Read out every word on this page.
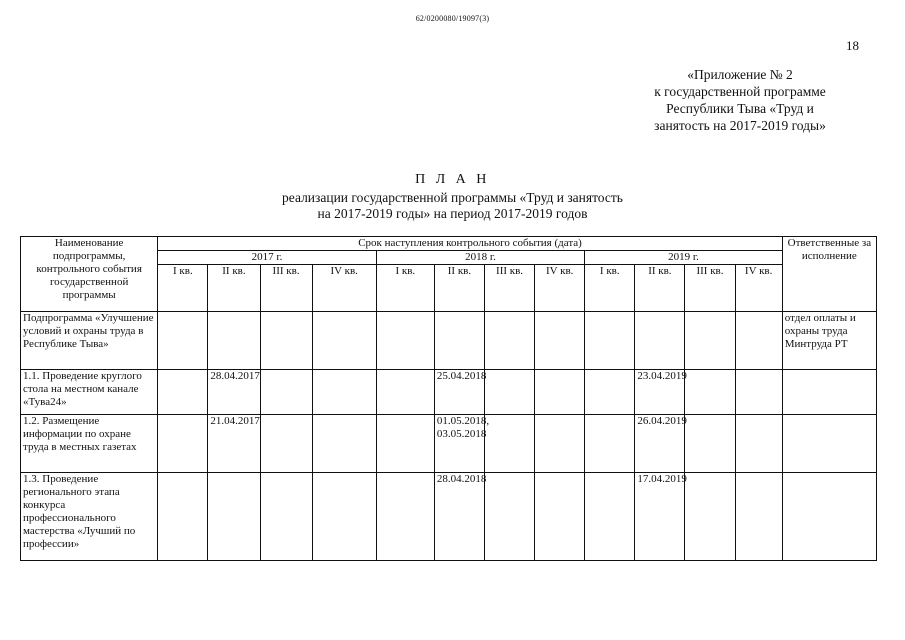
62/0200080/19097(3)
18
«Приложение № 2
к государственной программе
Республики Тыва «Труд и
занятость на 2017-2019 годы»
П Л А Н
реализации государственной программы «Труд и занятость
на 2017-2019 годы» на период 2017-2019 годов
Наименование подпрограммы, контрольного события государственной программы	Срок наступления контрольного события (дата)												Ответственные за исполнение
	2017 г.				2018 г.				2019 г.				
	I кв.	II кв.	III кв.	IV кв.	I кв.	II кв.	III кв.	IV кв.	I кв.	II кв.	III кв.	IV кв.	
Подпрограмма «Улучшение условий и охраны труда в Республике Тыва»													отдел оплаты и охраны труда Минтруда РТ
1.1. Проведение круглого стола на местном канале «Тува24»		28.04.2017				25.04.2018				23.04.2019			
1.2. Размещение информации по охране труда в местных газетах		21.04.2017				01.05.2018, 03.05.2018				26.04.2019			
1.3. Проведение регионального этапа конкурса профессионального мастерства «Лучший по профессии»						28.04.2018				17.04.2019			
